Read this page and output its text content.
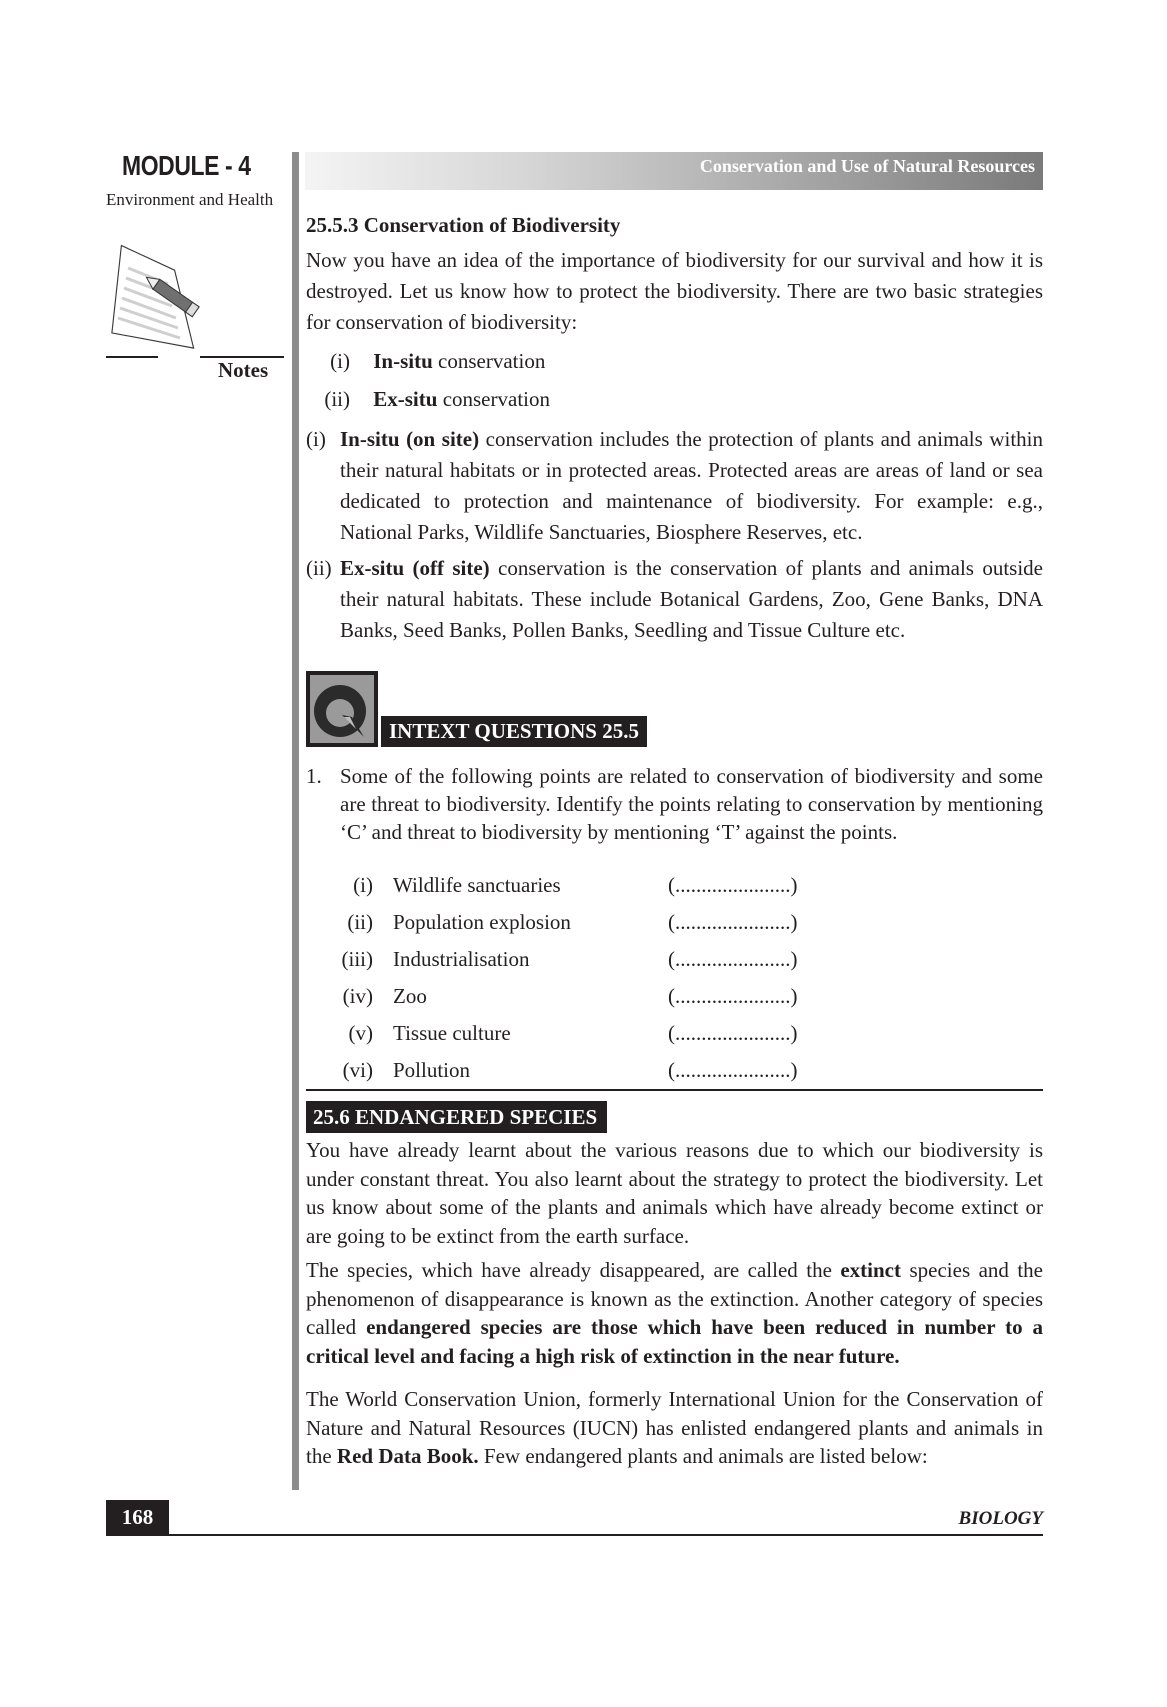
MODULE - 4
Environment and Health
Notes
Conservation and Use of Natural Resources
25.5.3 Conservation of Biodiversity

Now you have an idea of the importance of biodiversity for our survival and how it is destroyed. Let us know how to protect the biodiversity. There are two basic strategies for conservation of biodiversity:

(i) In-situ conservation
(ii) Ex-situ conservation
(i) In-situ (on site) conservation includes the protection of plants and animals within their natural habitats or in protected areas. Protected areas are areas of land or sea dedicated to protection and maintenance of biodiversity. For example: e.g., National Parks, Wildlife Sanctuaries, Biosphere Reserves, etc.
(ii) Ex-situ (off site) conservation is the conservation of plants and animals outside their natural habitats. These include Botanical Gardens, Zoo, Gene Banks, DNA Banks, Seed Banks, Pollen Banks, Seedling and Tissue Culture etc.
INTEXT QUESTIONS 25.5
1. Some of the following points are related to conservation of biodiversity and some are threat to biodiversity. Identify the points relating to conservation by mentioning ‘C’ and threat to biodiversity by mentioning ‘T’ against the points.
(i) Wildlife sanctuaries	(......................)
(ii) Population explosion	(......................)
(iii) Industrialisation	(......................)
(iv) Zoo	(......................)
(v) Tissue culture	(......................)
(vi) Pollution	(......................)
25.6 ENDANGERED SPECIES

You have already learnt about the various reasons due to which our biodiversity is under constant threat. You also learnt about the strategy to protect the biodiversity. Let us know about some of the plants and animals which have already become extinct or are going to be extinct from the earth surface.

The species, which have already disappeared, are called the extinct species and the phenomenon of disappearance is known as the extinction. Another category of species called endangered species are those which have been reduced in number to a critical level and facing a high risk of extinction in the near future.

The World Conservation Union, formerly International Union for the Conservation of Nature and Natural Resources (IUCN) has enlisted endangered plants and animals in the Red Data Book. Few endangered plants and animals are listed below:

168	BIOLOGY
